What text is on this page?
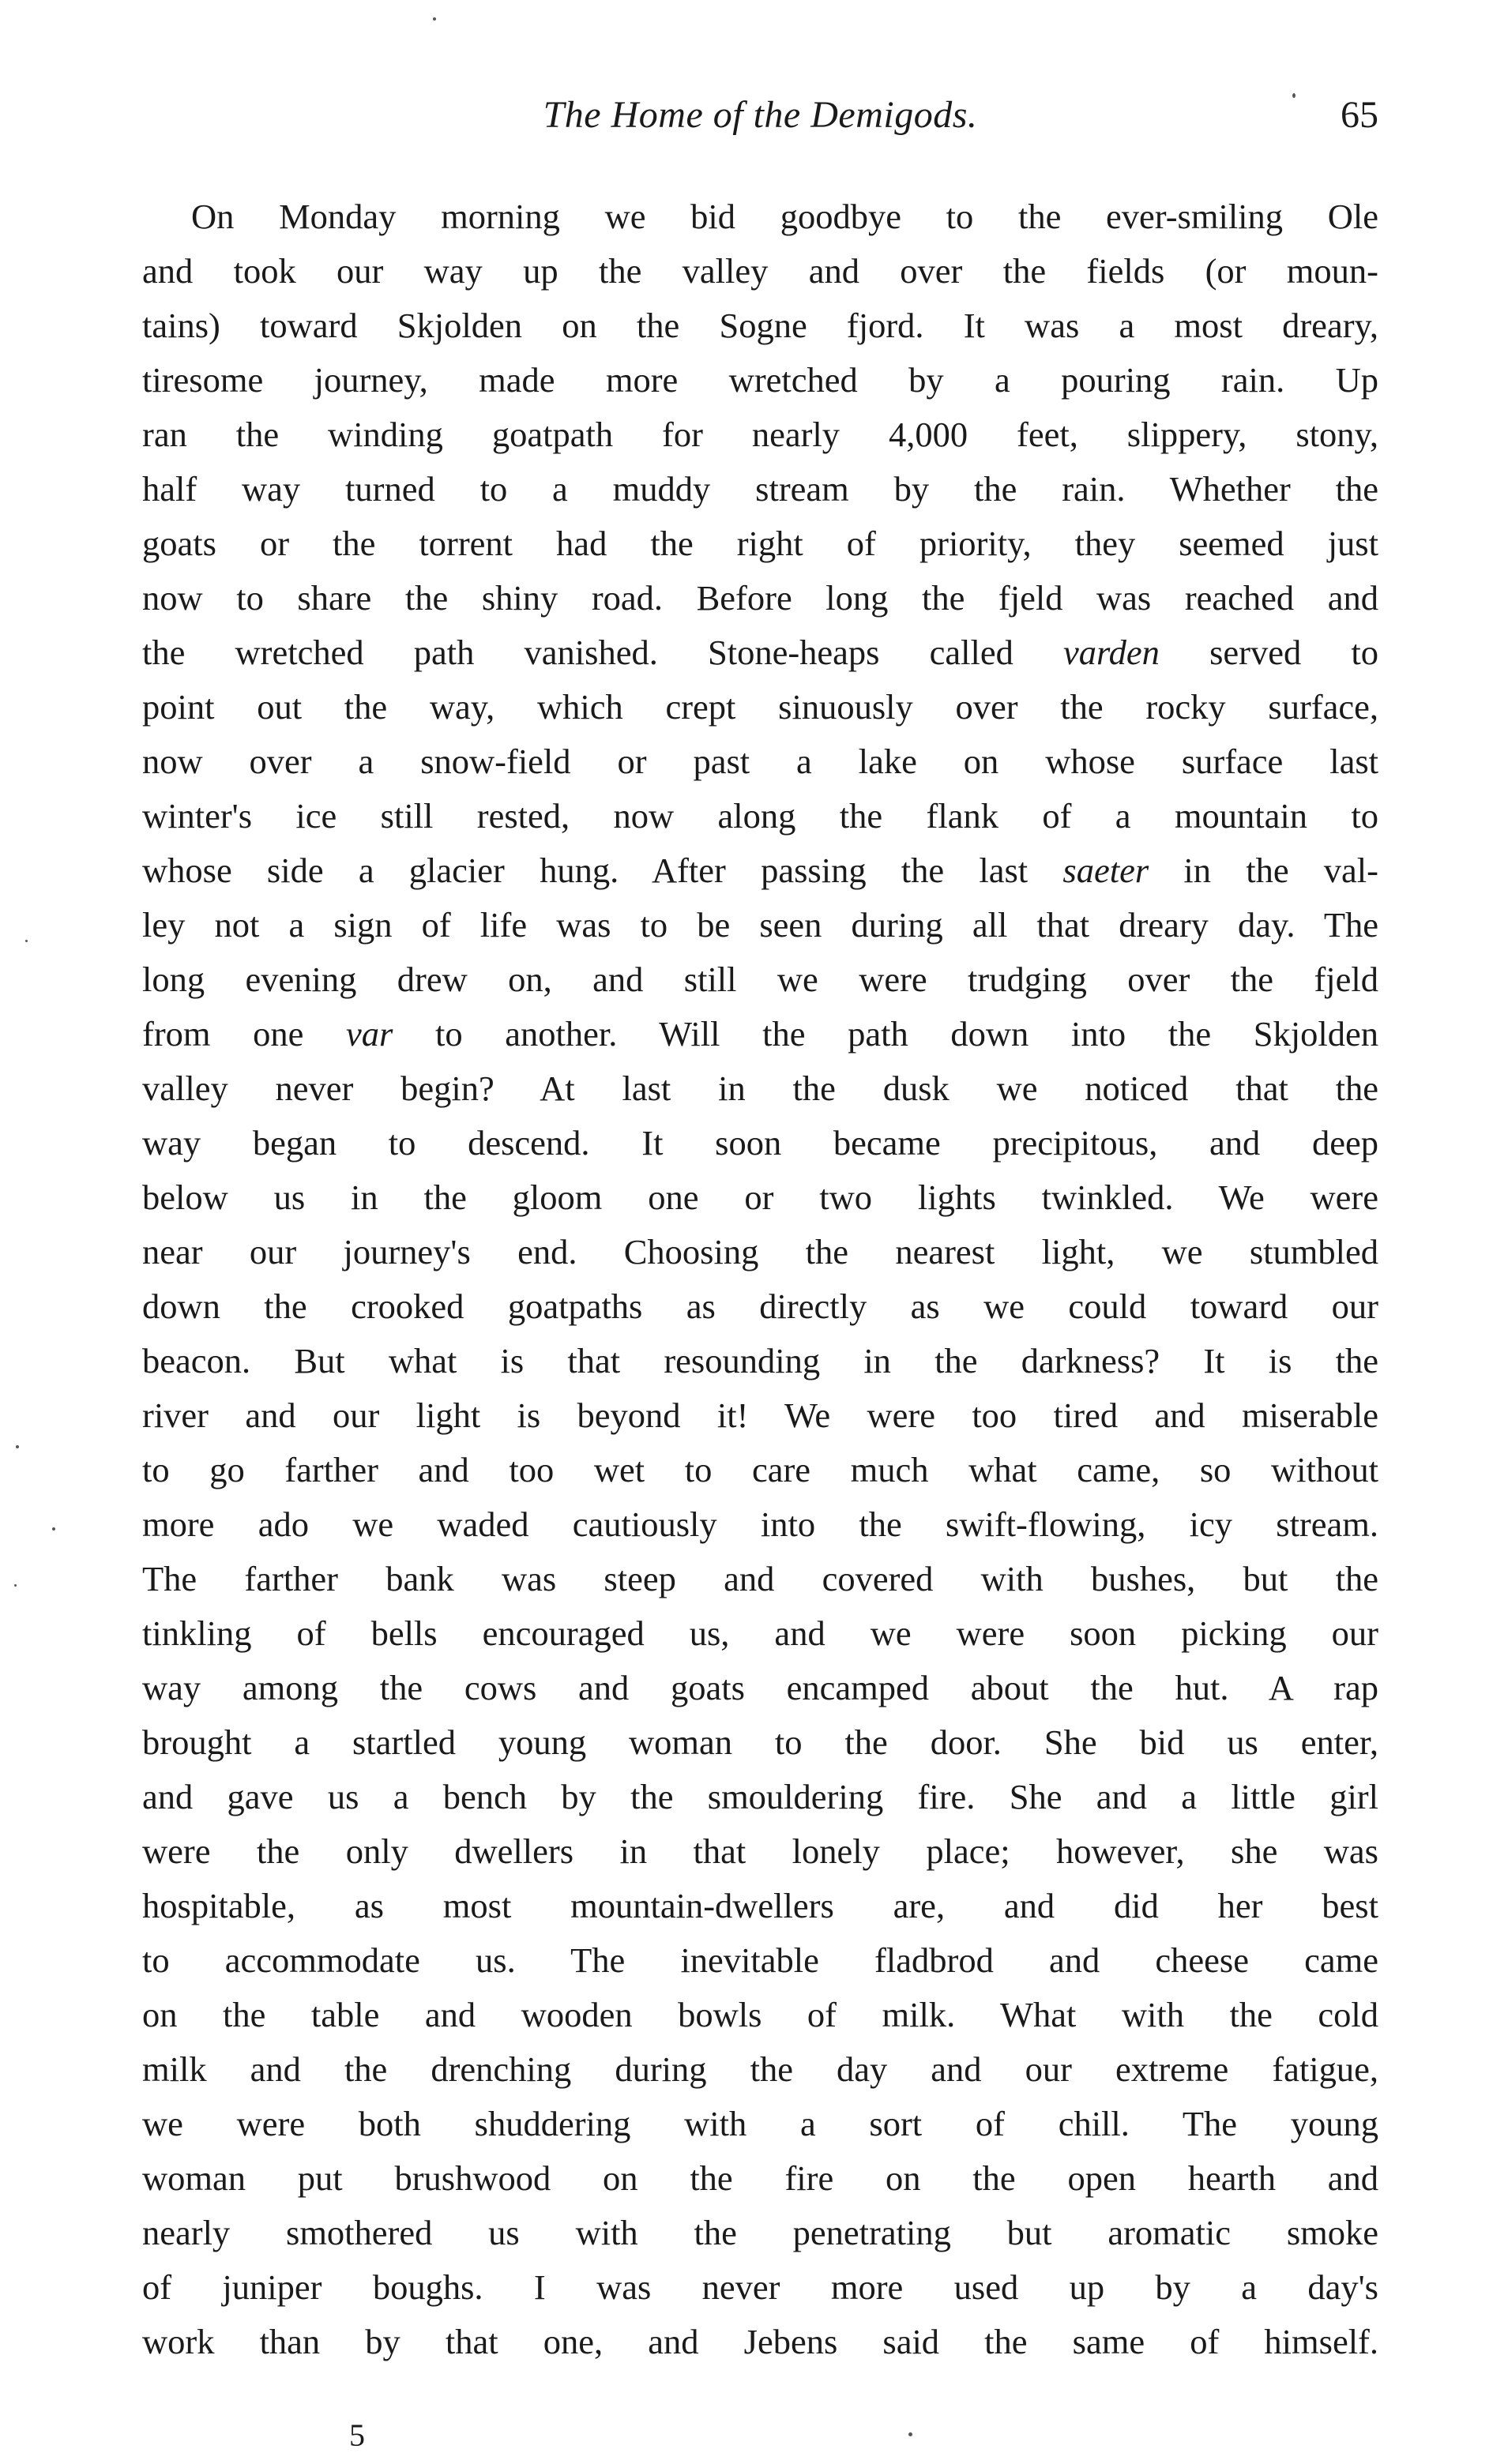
The Home of the Demigods.	65
On Monday morning we bid goodbye to the ever-smiling Ole
and took our way up the valley and over the fields (or moun-
tains) toward Skjolden on the Sogne fjord. It was a most dreary,
tiresome journey, made more wretched by a pouring rain. Up
ran the winding goatpath for nearly 4,000 feet, slippery, stony,
half way turned to a muddy stream by the rain. Whether the
goats or the torrent had the right of priority, they seemed just
now to share the shiny road. Before long the fjeld was reached and
the wretched path vanished. Stone-heaps called varden served to
point out the way, which crept sinuously over the rocky surface,
now over a snow-field or past a lake on whose surface last
winter's ice still rested, now along the flank of a mountain to
whose side a glacier hung. After passing the last saeter in the val-
ley not a sign of life was to be seen during all that dreary day. The
long evening drew on, and still we were trudging over the fjeld
from one var to another. Will the path down into the Skjolden
valley never begin? At last in the dusk we noticed that the
way began to descend. It soon became precipitous, and deep
below us in the gloom one or two lights twinkled. We were
near our journey's end. Choosing the nearest light, we stumbled
down the crooked goatpaths as directly as we could toward our
beacon. But what is that resounding in the darkness? It is the
river and our light is beyond it! We were too tired and miserable
to go farther and too wet to care much what came, so without
more ado we waded cautiously into the swift-flowing, icy stream.
The farther bank was steep and covered with bushes, but the
tinkling of bells encouraged us, and we were soon picking our
way among the cows and goats encamped about the hut. A rap
brought a startled young woman to the door. She bid us enter,
and gave us a bench by the smouldering fire. She and a little girl
were the only dwellers in that lonely place; however, she was
hospitable, as most mountain-dwellers are, and did her best
to accommodate us. The inevitable fladbrod and cheese came
on the table and wooden bowls of milk. What with the cold
milk and the drenching during the day and our extreme fatigue,
we were both shuddering with a sort of chill. The young
woman put brushwood on the fire on the open hearth and
nearly smothered us with the penetrating but aromatic smoke
of juniper boughs. I was never more used up by a day's
work than by that one, and Jebens said the same of himself.
5
